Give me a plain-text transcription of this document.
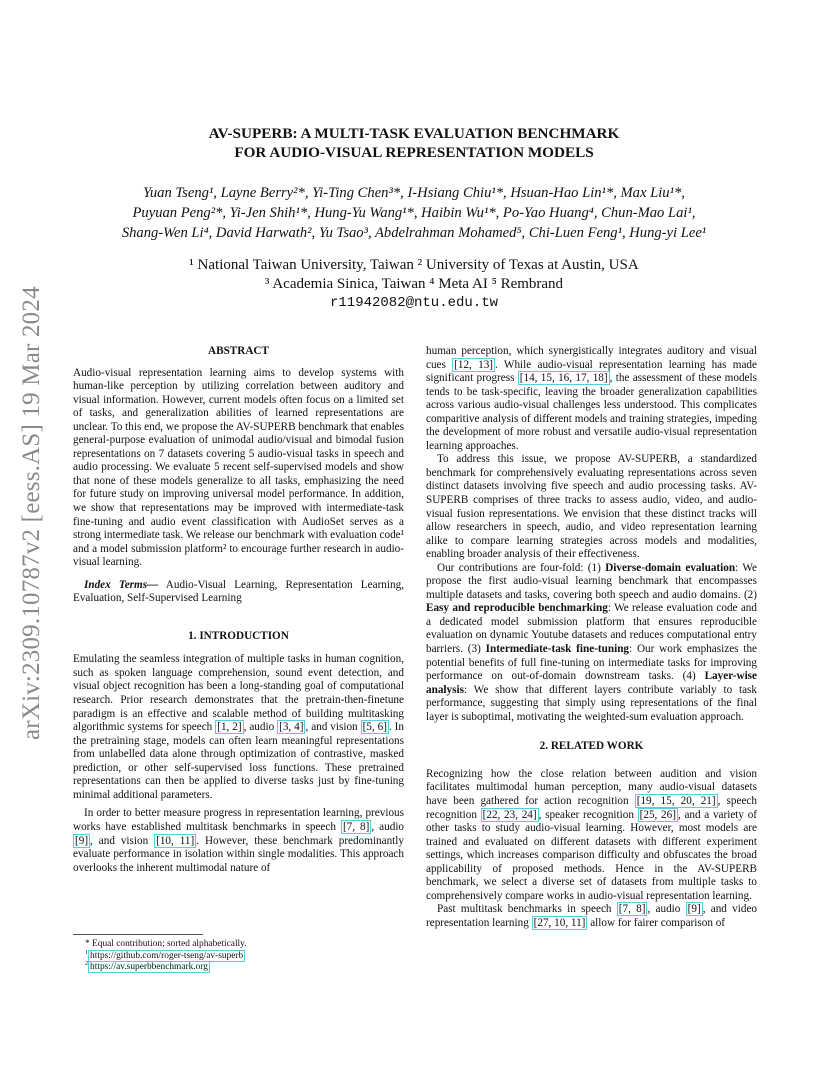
arXiv:2309.10787v2 [eess.AS] 19 Mar 2024
AV-SUPERB: A MULTI-TASK EVALUATION BENCHMARK
FOR AUDIO-VISUAL REPRESENTATION MODELS
Yuan Tseng¹, Layne Berry²*, Yi-Ting Chen³*, I-Hsiang Chiu¹*, Hsuan-Hao Lin¹*, Max Liu¹*,
Puyuan Peng²*, Yi-Jen Shih¹*, Hung-Yu Wang¹*, Haibin Wu¹*, Po-Yao Huang⁴, Chun-Mao Lai¹,
Shang-Wen Li⁴, David Harwath², Yu Tsao³, Abdelrahman Mohamed⁵, Chi-Luen Feng¹, Hung-yi Lee¹
¹ National Taiwan University, Taiwan ² University of Texas at Austin, USA
³ Academia Sinica, Taiwan ⁴ Meta AI ⁵ Rembrand
r11942082@ntu.edu.tw
ABSTRACT

Audio-visual representation learning aims to develop systems with human-like perception by utilizing correlation between auditory and visual information. However, current models often focus on a limited set of tasks, and generalization abilities of learned representations are unclear. To this end, we propose the AV-SUPERB benchmark that enables general-purpose evaluation of unimodal audio/visual and bimodal fusion representations on 7 datasets covering 5 audio-visual tasks in speech and audio processing. We evaluate 5 recent self-supervised models and show that none of these models generalize to all tasks, emphasizing the need for future study on improving universal model performance. In addition, we show that representations may be improved with intermediate-task fine-tuning and audio event classification with AudioSet serves as a strong intermediate task. We release our benchmark with evaluation code¹ and a model submission platform² to encourage further research in audio-visual learning.

Index Terms— Audio-Visual Learning, Representation Learning, Evaluation, Self-Supervised Learning

1. INTRODUCTION

Emulating the seamless integration of multiple tasks in human cognition, such as spoken language comprehension, sound event detection, and visual object recognition has been a long-standing goal of computational research. Prior research demonstrates that the pretrain-then-finetune paradigm is an effective and scalable method of building multitasking algorithmic systems for speech [1, 2] , audio [3, 4] , and vision [5, 6] . In the pretraining stage, models can often learn meaningful representations from unlabelled data alone through optimization of contrastive, masked prediction, or other self-supervised loss functions. These pretrained representations can then be applied to diverse tasks just by fine-tuning minimal additional parameters.

In order to better measure progress in representation learning, previous works have established multitask benchmarks in speech [7, 8] , audio [9] , and vision [10, 11] . However, these benchmark predominantly evaluate performance in isolation within single modalities. This approach overlooks the inherent multimodal nature of

human perception, which synergistically integrates auditory and visual cues [12, 13] . While audio-visual representation learning has made significant progress [14, 15, 16, 17, 18] , the assessment of these models tends to be task-specific, leaving the broader generalization capabilities across various audio-visual challenges less understood. This complicates comparitive analysis of different models and training strategies, impeding the development of more robust and versatile audio-visual representation learning approaches.

To address this issue, we propose AV-SUPERB, a standardized benchmark for comprehensively evaluating representations across seven distinct datasets involving five speech and audio processing tasks. AV-SUPERB comprises of three tracks to assess audio, video, and audio-visual fusion representations. We envision that these distinct tracks will allow researchers in speech, audio, and video representation learning alike to compare learning strategies across models and modalities, enabling broader analysis of their effectiveness.

Our contributions are four-fold: (1) Diverse-domain evaluation: We propose the first audio-visual learning benchmark that encompasses multiple datasets and tasks, covering both speech and audio domains. (2) Easy and reproducible benchmarking: We release evaluation code and a dedicated model submission platform that ensures reproducible evaluation on dynamic Youtube datasets and reduces computational entry barriers. (3) Intermediate-task fine-tuning: Our work emphasizes the potential benefits of full fine-tuning on intermediate tasks for improving performance on out-of-domain downstream tasks. (4) Layer-wise analysis: We show that different layers contribute variably to task performance, suggesting that simply using representations of the final layer is suboptimal, motivating the weighted-sum evaluation approach.

2. RELATED WORK

Recognizing how the close relation between audition and vision facilitates multimodal human perception, many audio-visual datasets have been gathered for action recognition [19, 15, 20, 21] , speech recognition [22, 23, 24] , speaker recognition [25, 26] , and a variety of other tasks to study audio-visual learning. However, most models are trained and evaluated on different datasets with different experiment settings, which increases comparison difficulty and obfuscates the broad applicability of proposed methods. Hence in the AV-SUPERB benchmark, we select a diverse set of datasets from multiple tasks to comprehensively compare works in audio-visual representation learning.

Past multitask benchmarks in speech [7, 8] , audio [9] , and video representation learning [27, 10, 11] allow for fairer comparison of

* Equal contribution; sorted alphabetically.
$^1$ https://github.com/roger-tseng/av-superb
$^2$ https://av.superbbenchmark.org
